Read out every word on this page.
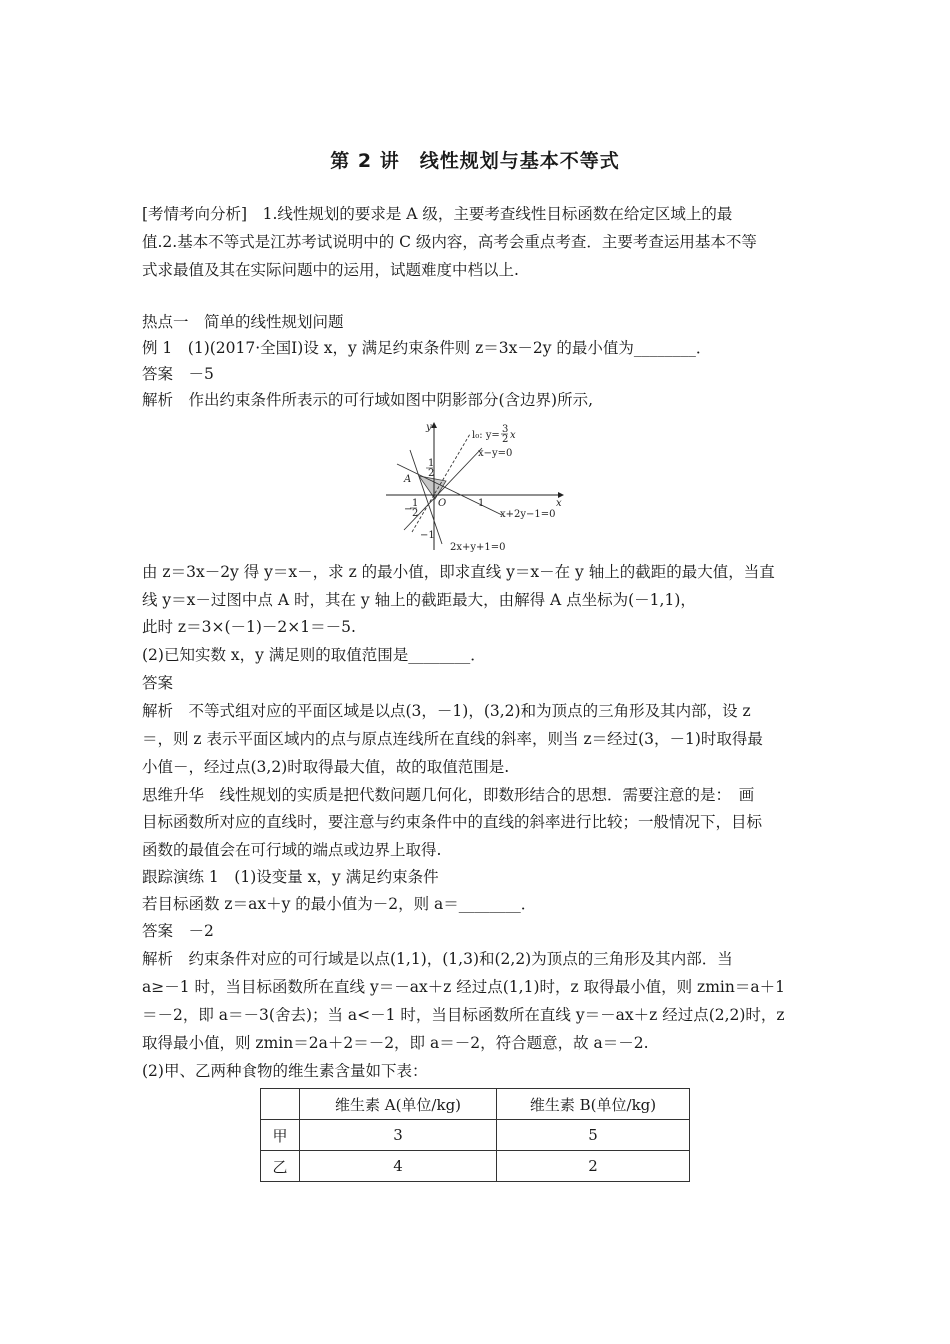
第 2 讲　线性规划与基本不等式
[考情考向分析]　1.线性规划的要求是 A 级，主要考查线性目标函数在给定区域上的最
值.2.基本不等式是江苏考试说明中的 C 级内容，高考会重点考查．主要考查运用基本不等
式求最值及其在实际问题中的运用，试题难度中档以上.
热点一　简单的线性规划问题
例 1　(1)(2017·全国Ⅰ)设 x，y 满足约束条件则 z＝3x－2y 的最小值为________．
答案　－5
解析　作出约束条件所表示的可行域如图中阴影部分(含边界)所示,
y
x
l₀: y=
3
2 x
x−y=0
1
2
A
O	1
−
1
2
−1
x+2y−1=0
2x+y+1=0
由 z＝3x－2y 得 y＝x－，求 z 的最小值，即求直线 y＝x－在 y 轴上的截距的最大值，当直
线 y＝x－过图中点 A 时，其在 y 轴上的截距最大，由解得 A 点坐标为(－1,1)，
此时 z＝3×(－1)－2×1＝－5.
(2)已知实数 x，y 满足则的取值范围是________．
答案
解析　不等式组对应的平面区域是以点(3，－1)，(3,2)和为顶点的三角形及其内部，设 z
＝，则 z 表示平面区域内的点与原点连线所在直线的斜率，则当 z＝经过(3，－1)时取得最
小值－，经过点(3,2)时取得最大值，故的取值范围是.
思维升华　线性规划的实质是把代数问题几何化，即数形结合的思想．需要注意的是：　画
目标函数所对应的直线时，要注意与约束条件中的直线的斜率进行比较；一般情况下，目标
函数的最值会在可行域的端点或边界上取得.
跟踪演练 1　(1)设变量 x，y 满足约束条件
若目标函数 z＝ax＋y 的最小值为－2，则 a＝________．
答案　－2
解析　约束条件对应的可行域是以点(1,1)，(1,3)和(2,2)为顶点的三角形及其内部．当
a≥－1 时，当目标函数所在直线 y＝－ax＋z 经过点(1,1)时，z 取得最小值，则 zmin＝a＋1
＝－2，即 a＝－3(舍去)；当 a<－1 时，当目标函数所在直线 y＝－ax＋z 经过点(2,2)时，z
取得最小值，则 zmin＝2a＋2＝－2，即 a＝－2，符合题意，故 a＝－2.
(2)甲、乙两种食物的维生素含量如下表：
	维生素 A(单位/kg)	维生素 B(单位/kg)
甲	3	5
乙	4	2
